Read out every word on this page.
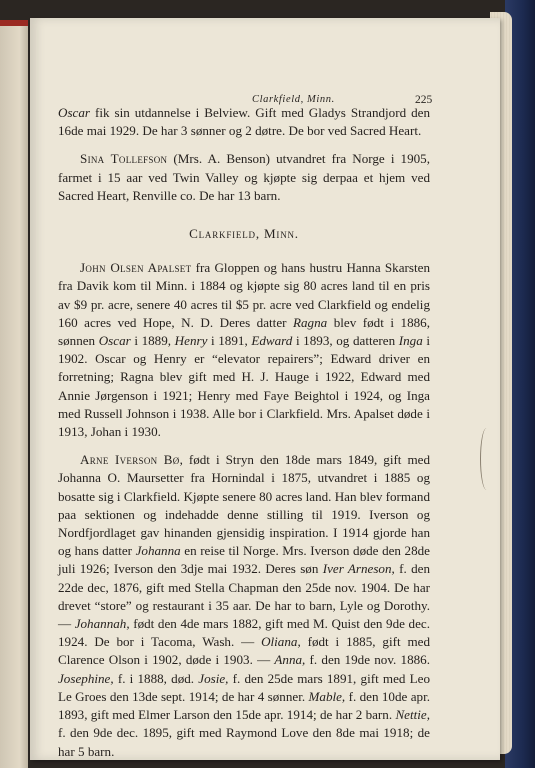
Clarkfield, Minn.	225

Oscar fik sin utdannelse i Belview. Gift med Gladys Strandjord den 16de mai 1929. De har 3 sønner og 2 døtre. De bor ved Sacred Heart.

Sina Tollefson (Mrs. A. Benson) utvandret fra Norge i 1905, farmet i 15 aar ved Twin Valley og kjøpte sig derpaa et hjem ved Sacred Heart, Renville co. De har 13 barn.

Clarkfield, Minn.

John Olsen Apalset fra Gloppen og hans hustru Hanna Skarsten fra Davik kom til Minn. i 1884 og kjøpte sig 80 acres land til en pris av $9 pr. acre, senere 40 acres til $5 pr. acre ved Clarkfield og endelig 160 acres ved Hope, N. D. Deres datter Ragna blev født i 1886, sønnen Oscar i 1889, Henry i 1891, Edward i 1893, og datteren Inga i 1902. Oscar og Henry er “elevator repairers”; Edward driver en forretning; Ragna blev gift med H. J. Hauge i 1922, Edward med Annie Jørgenson i 1921; Henry med Faye Beightol i 1924, og Inga med Russell Johnson i 1938. Alle bor i Clarkfield. Mrs. Apalset døde i 1913, Johan i 1930.

Arne Iverson Bø, født i Stryn den 18de mars 1849, gift med Johanna O. Maursetter fra Hornindal i 1875, utvandret i 1885 og bosatte sig i Clarkfield. Kjøpte senere 80 acres land. Han blev formand paa sektionen og indehadde denne stilling til 1919. Iverson og Nordfjordlaget gav hinanden gjensidig inspiration. I 1914 gjorde han og hans datter Johanna en reise til Norge. Mrs. Iverson døde den 28de juli 1926; Iverson den 3dje mai 1932. Deres søn Iver Arneson, f. den 22de dec, 1876, gift med Stella Chapman den 25de nov. 1904. De har drevet “store” og restaurant i 35 aar. De har to barn, Lyle og Dorothy. — Johannah, født den 4de mars 1882, gift med M. Quist den 9de dec. 1924. De bor i Tacoma, Wash. — Oliana, født i 1885, gift med Clarence Olson i 1902, døde i 1903. — Anna, f. den 19de nov. 1886. Josephine, f. i 1888, død. Josie, f. den 25de mars 1891, gift med Leo Le Groes den 13de sept. 1914; de har 4 sønner. Mable, f. den 10de apr. 1893, gift med Elmer Larson den 15de apr. 1914; de har 2 barn. Nettie, f. den 9de dec. 1895, gift med Raymond Love den 8de mai 1918; de har 5 barn.
